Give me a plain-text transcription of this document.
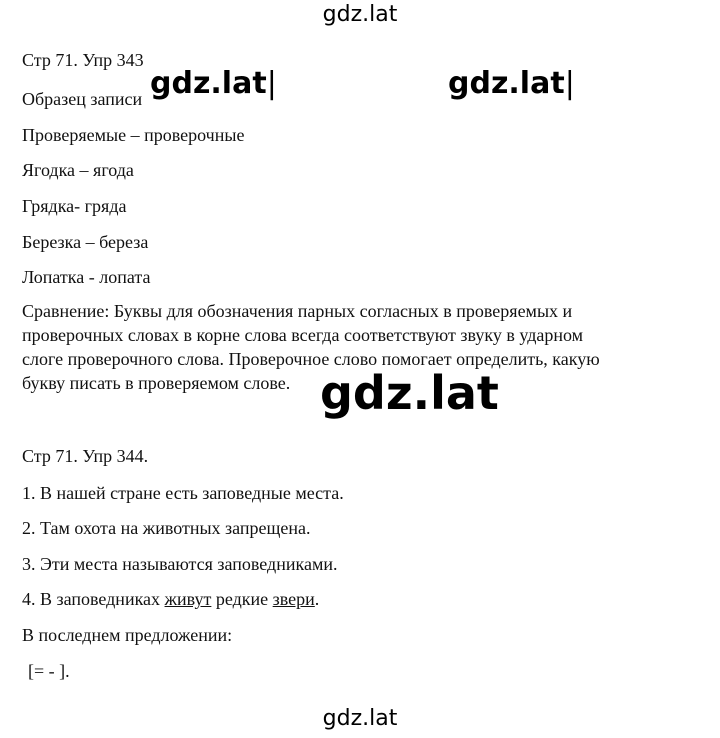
gdz.lat
Стр 71. Упр 343
Образец записи gdz.lat|	gdz.lat|
Проверяемые – проверочные
Ягодка – ягода
Грядка- гряда
Березка – береза
Лопатка - лопата
Сравнение: Буквы для обозначения парных согласных в проверяемых и
проверочных словах в корне слова всегда соответствуют звуку в ударном
слоге проверочного слова. Проверочное слово помогает определить, какую
букву писать в проверяемом слове. gdz.lat
Стр 71. Упр 344.
1. В нашей стране есть заповедные места.
2. Там охота на животных запрещена.
3. Эти места называются заповедниками.
4. В заповедниках живут редкие звери.
В последнем предложении:
[= - ].
gdz.lat
